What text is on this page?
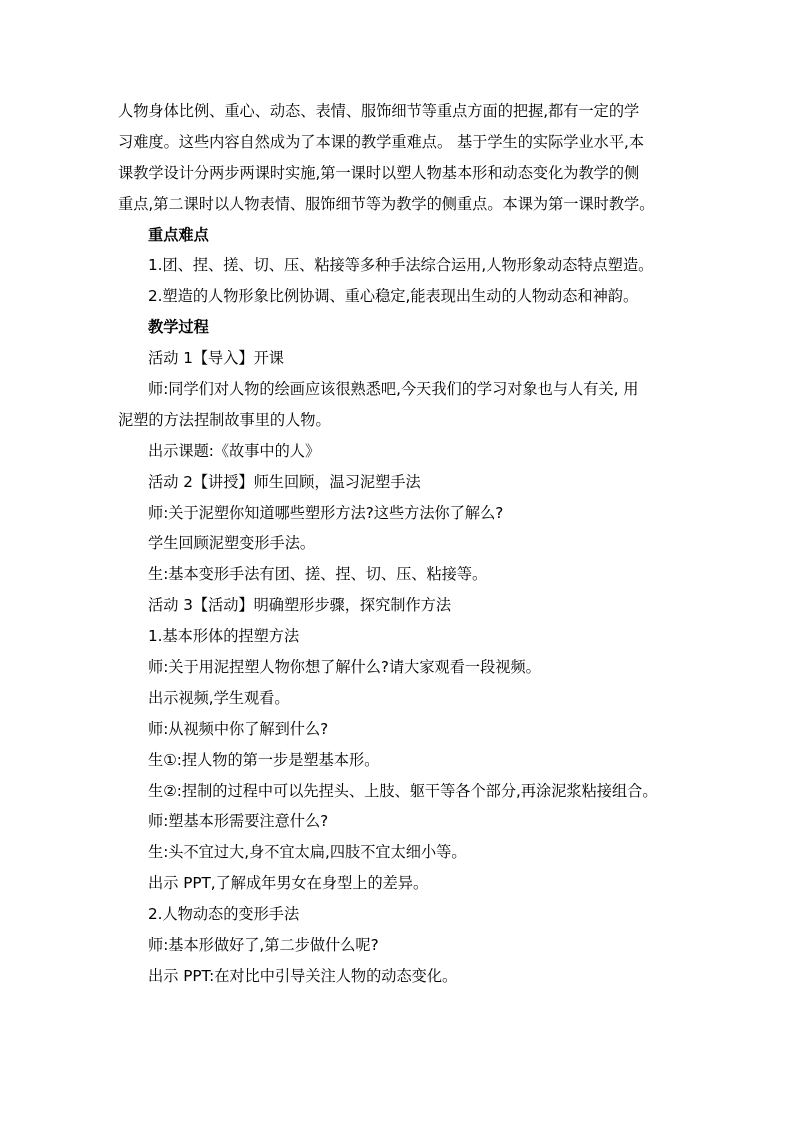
人物身体比例、重心、动态、表情、服饰细节等重点方面的把握,都有一定的学
习难度。这些内容自然成为了本课的教学重难点。 基于学生的实际学业水平,本
课教学设计分两步两课时实施,第一课时以塑人物基本形和动态变化为教学的侧
重点,第二课时以人物表情、服饰细节等为教学的侧重点。本课为第一课时教学。
重点难点
1.团、捏、搓、切、压、粘接等多种手法综合运用,人物形象动态特点塑造。
2.塑造的人物形象比例协调、重心稳定,能表现出生动的人物动态和神韵。
教学过程
活动 1【导入】开课
师:同学们对人物的绘画应该很熟悉吧,今天我们的学习对象也与人有关, 用
泥塑的方法捏制故事里的人物。
出示课题:《故事中的人》
活动 2【讲授】师生回顾，温习泥塑手法
师:关于泥塑你知道哪些塑形方法?这些方法你了解么?
学生回顾泥塑变形手法。
生:基本变形手法有团、搓、捏、切、压、粘接等。
活动 3【活动】明确塑形步骤，探究制作方法
1.基本形体的捏塑方法
师:关于用泥捏塑人物你想了解什么?请大家观看一段视频。
出示视频,学生观看。
师:从视频中你了解到什么?
生①:捏人物的第一步是塑基本形。
生②:捏制的过程中可以先捏头、上肢、躯干等各个部分,再涂泥浆粘接组合。
师:塑基本形需要注意什么?
生:头不宜过大,身不宜太扁,四肢不宜太细小等。
出示 PPT,了解成年男女在身型上的差异。
2.人物动态的变形手法
师:基本形做好了,第二步做什么呢?
出示 PPT:在对比中引导关注人物的动态变化。
